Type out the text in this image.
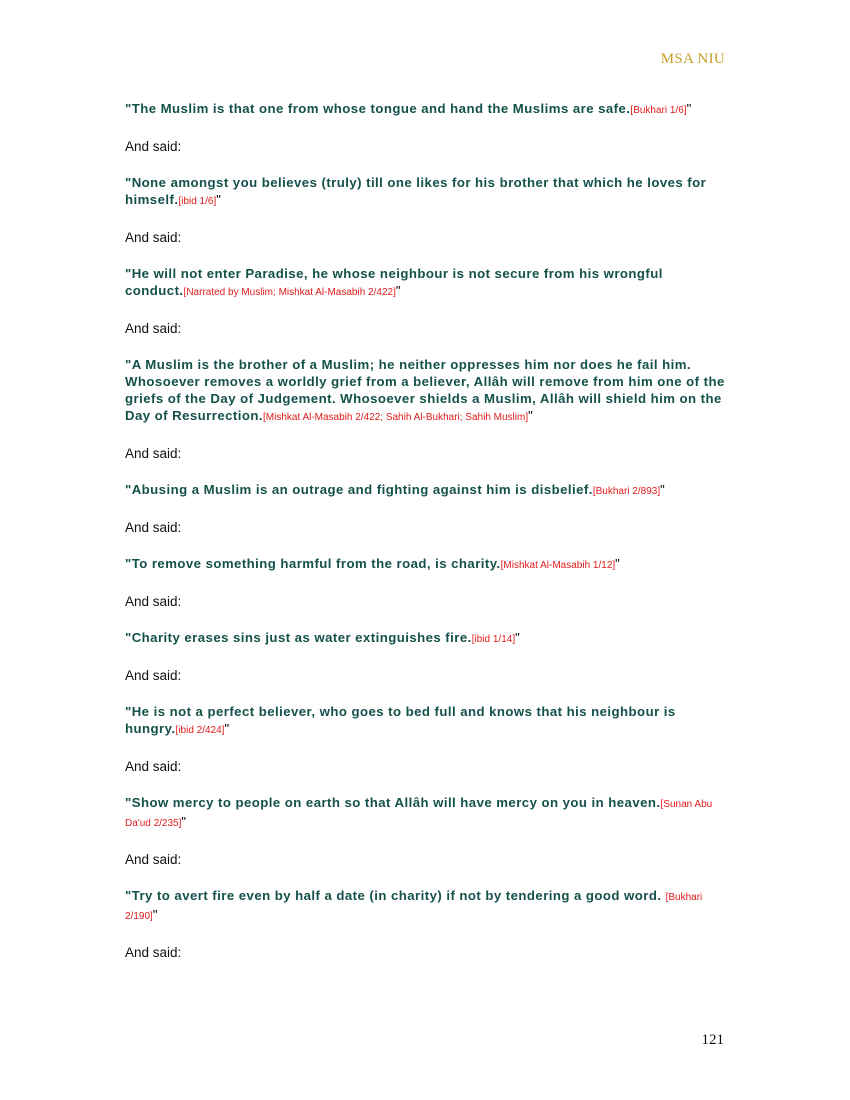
MSA NIU

"The Muslim is that one from whose tongue and hand the Muslims are safe.[Bukhari 1/6]"

And said:

"None amongst you believes (truly) till one likes for his brother that which he loves for himself.[ibid 1/6]"

And said:

"He will not enter Paradise, he whose neighbour is not secure from his wrongful conduct.[Narrated by Muslim; Mishkat Al-Masabih 2/422]"

And said:

"A Muslim is the brother of a Muslim; he neither oppresses him nor does he fail him. Whosoever removes a worldly grief from a believer, Allâh will remove from him one of the griefs of the Day of Judgement. Whosoever shields a Muslim, Allâh will shield him on the Day of Resurrection.[Mishkat Al-Masabih 2/422; Sahih Al-Bukhari; Sahih Muslim]"

And said:

"Abusing a Muslim is an outrage and fighting against him is disbelief.[Bukhari 2/893]"

And said:

"To remove something harmful from the road, is charity.[Mishkat Al-Masabih 1/12]"

And said:

"Charity erases sins just as water extinguishes fire.[ibid 1/14]"

And said:

"He is not a perfect believer, who goes to bed full and knows that his neighbour is hungry.[ibid 2/424]"

And said:

"Show mercy to people on earth so that Allâh will have mercy on you in heaven.[Sunan Abu Da'ud 2/235]"

And said:

"Try to avert fire even by half a date (in charity) if not by tendering a good word. [Bukhari 2/190]"

And said:

121
